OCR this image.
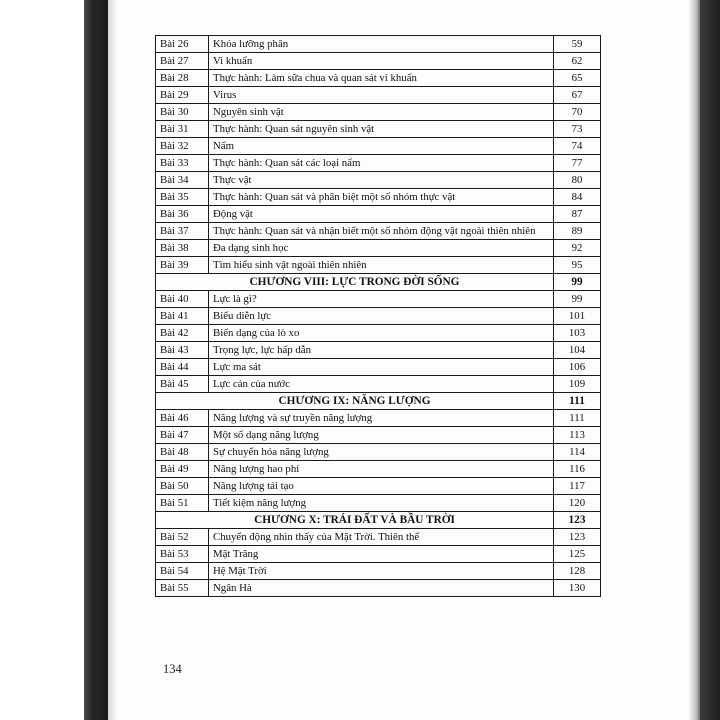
Bài 26	Khóa lưỡng phân	59
Bài 27	Vi khuẩn	62
Bài 28	Thực hành: Làm sữa chua và quan sát vi khuẩn	65
Bài 29	Virus	67
Bài 30	Nguyên sinh vật	70
Bài 31	Thực hành: Quan sát nguyên sinh vật	73
Bài 32	Nấm	74
Bài 33	Thực hành: Quan sát các loại nấm	77
Bài 34	Thực vật	80
Bài 35	Thực hành: Quan sát và phân biệt một số nhóm thực vật	84
Bài 36	Động vật	87
Bài 37	Thực hành: Quan sát và nhận biết một số nhóm động vật ngoài thiên nhiên	89
Bài 38	Đa dạng sinh học	92
Bài 39	Tìm hiểu sinh vật ngoài thiên nhiên	95
CHƯƠNG VIII: LỰC TRONG ĐỜI SỐNG		99
Bài 40	Lực là gì?	99
Bài 41	Biểu diễn lực	101
Bài 42	Biến dạng của lò xo	103
Bài 43	Trọng lực, lực hấp dẫn	104
Bài 44	Lực ma sát	106
Bài 45	Lực cản của nước	109
CHƯƠNG IX: NĂNG LƯỢNG		111
Bài 46	Năng lượng và sự truyền năng lượng	111
Bài 47	Một số dạng năng lượng	113
Bài 48	Sự chuyển hóa năng lượng	114
Bài 49	Năng lượng hao phí	116
Bài 50	Năng lượng tái tạo	117
Bài 51	Tiết kiệm năng lượng	120
CHƯƠNG X: TRÁI ĐẤT VÀ BẦU TRỜI		123
Bài 52	Chuyển động nhìn thấy của Mặt Trời. Thiên thể	123
Bài 53	Mặt Trăng	125
Bài 54	Hệ Mặt Trời	128
Bài 55	Ngân Hà	130
134
